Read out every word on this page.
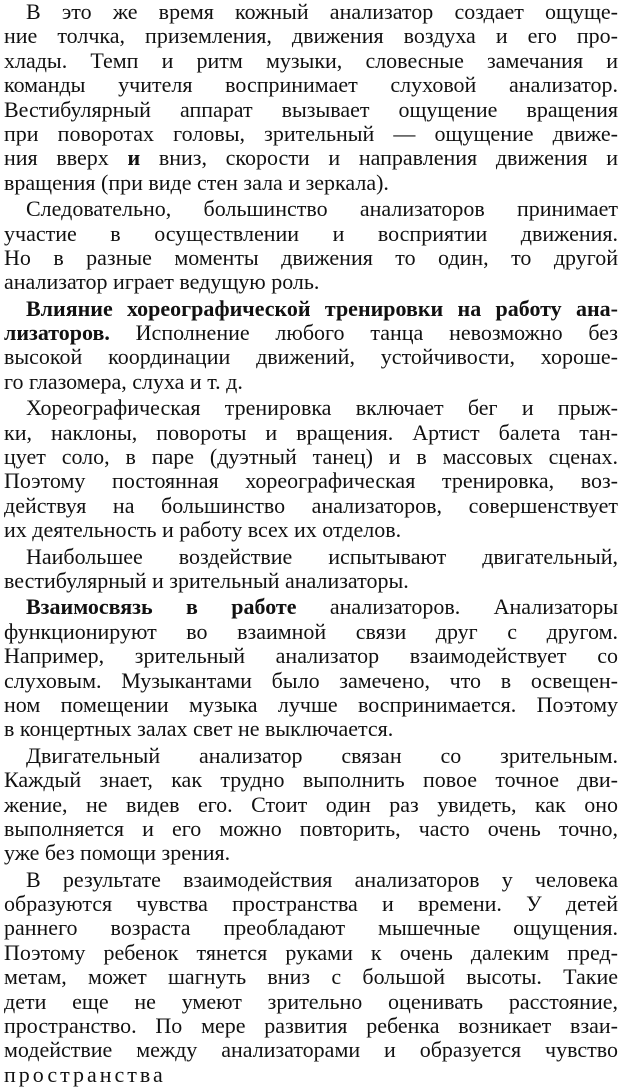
В это же время кожный анализатор создает ощуще-
ние толчка, приземления, движения воздуха и его про-
хлады. Темп и ритм музыки, словесные замечания и
команды учителя воспринимает слуховой анализатор.
Вестибулярный аппарат вызывает ощущение вращения
при поворотах головы, зрительный — ощущение движе-
ния вверх и вниз, скорости и направления движения и
вращения (при виде стен зала и зеркала).
Следовательно, большинство анализаторов принимает
участие в осуществлении и восприятии движения.
Но в разные моменты движения то один, то другой
анализатор играет ведущую роль.
Влияние хореографической тренировки на работу ана-
лизаторов. Исполнение любого танца невозможно без
высокой координации движений, устойчивости, хороше-
го глазомера, слуха и т. д.
Хореографическая тренировка включает бег и прыж-
ки, наклоны, повороты и вращения. Артист балета тан-
цует соло, в паре (дуэтный танец) и в массовых сценах.
Поэтому постоянная хореографическая тренировка, воз-
действуя на большинство анализаторов, совершенствует
их деятельность и работу всех их отделов.
Наибольшее воздействие испытывают двигательный,
вестибулярный и зрительный анализаторы.
Взаимосвязь в работе анализаторов. Анализаторы
функционируют во взаимной связи друг с другом.
Например, зрительный анализатор взаимодействует со
слуховым. Музыкантами было замечено, что в освещен-
ном помещении музыка лучше воспринимается. Поэтому
в концертных залах свет не выключается.
Двигательный анализатор связан со зрительным.
Каждый знает, как трудно выполнить повое точное дви-
жение, не видев его. Стоит один раз увидеть, как оно
выполняется и его можно повторить, часто очень точно,
уже без помощи зрения.
В результате взаимодействия анализаторов у человека
образуются чувства пространства и времени. У детей
раннего возраста преобладают мышечные ощущения.
Поэтому ребенок тянется руками к очень далеким пред-
метам, может шагнуть вниз с большой высоты. Такие
дети еще не умеют зрительно оценивать расстояние,
пространство. По мере развития ребенка возникает взаи-
модействие между анализаторами и образуется чувство
пространства
